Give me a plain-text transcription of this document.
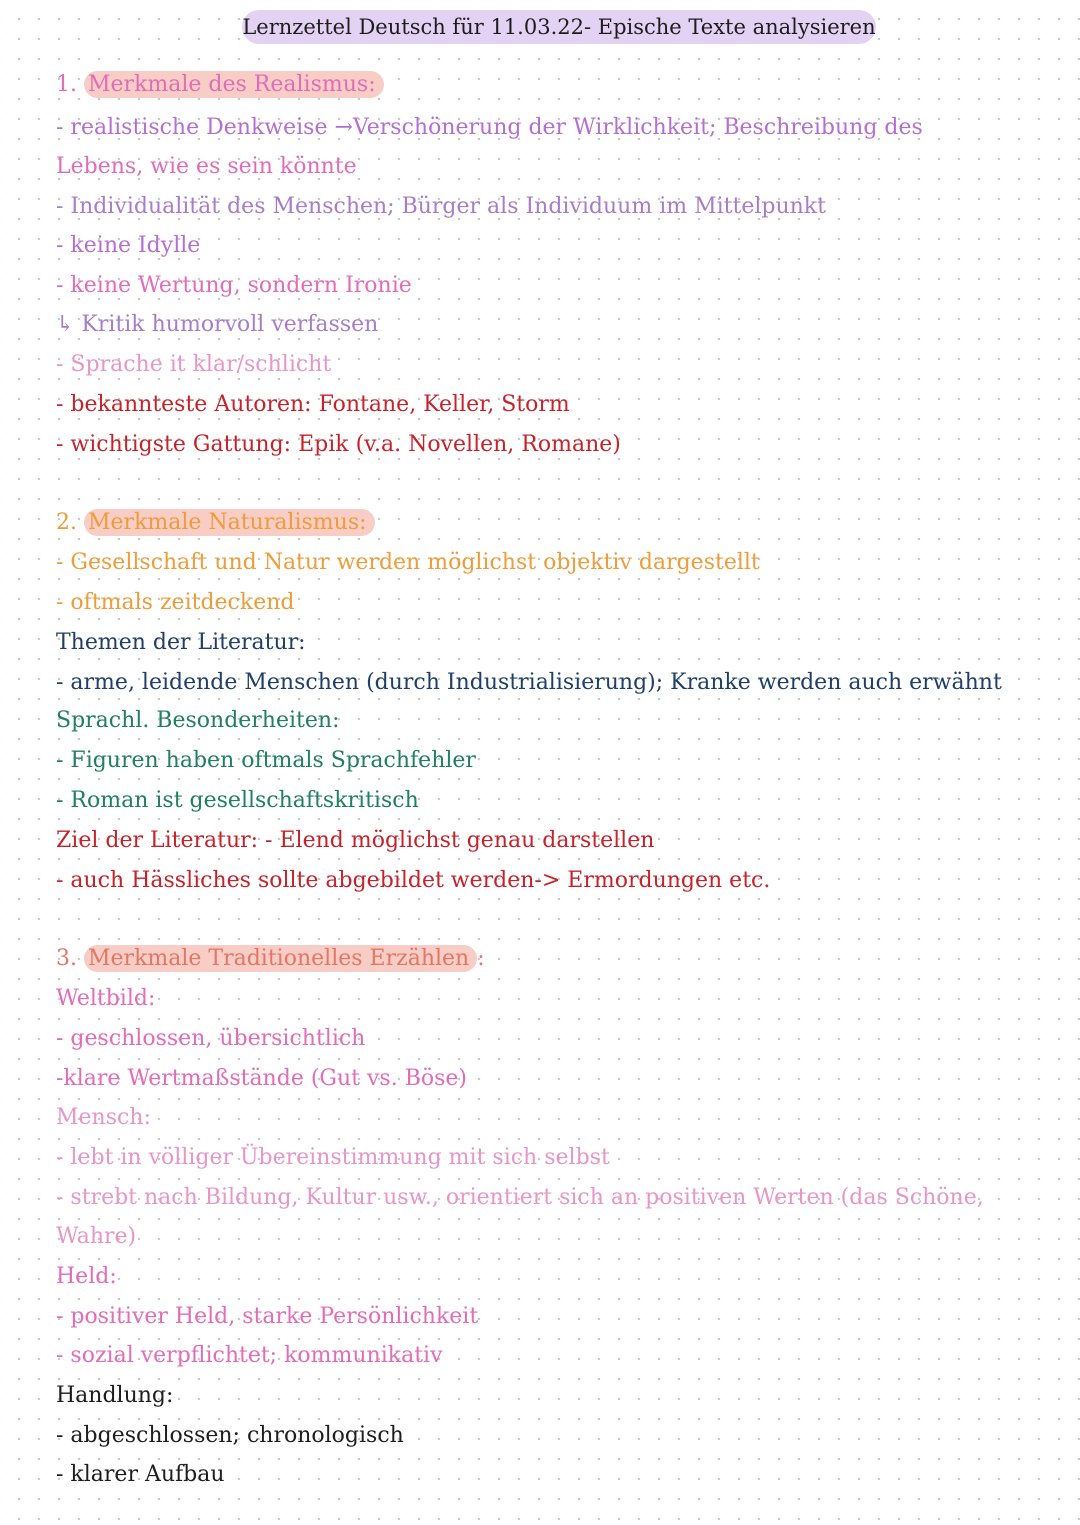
Lernzettel Deutsch für 11.03.22- Epische Texte analysieren
1. Merkmale des Realismus:
- realistische Denkweise →Verschönerung der Wirklichkeit; Beschreibung des
Lebens, wie es sein könnte
- Individualität des Menschen; Bürger als Individuum im Mittelpunkt
- keine Idylle
- keine Wertung, sondern Ironie
↳ Kritik humorvoll verfassen
- Sprache it klar/schlicht
- bekannteste Autoren: Fontane, Keller, Storm
- wichtigste Gattung: Epik (v.a. Novellen, Romane)
2. Merkmale Naturalismus:
- Gesellschaft und Natur werden möglichst objektiv dargestellt
- oftmals zeitdeckend
Themen der Literatur:
- arme, leidende Menschen (durch Industrialisierung); Kranke werden auch erwähnt
Sprachl. Besonderheiten:
- Figuren haben oftmals Sprachfehler
- Roman ist gesellschaftskritisch
Ziel der Literatur: - Elend möglichst genau darstellen
- auch Hässliches sollte abgebildet werden-> Ermordungen etc.
3. Merkmale Traditionelles Erzählen :
Weltbild:
- geschlossen, übersichtlich
-klare Wertmaßstände (Gut vs. Böse)
Mensch:
- lebt in völliger Übereinstimmung mit sich selbst
- strebt nach Bildung, Kultur usw., orientiert sich an positiven Werten (das Schöne,
Wahre)
Held:
- positiver Held, starke Persönlichkeit
- sozial verpflichtet; kommunikativ
Handlung:
- abgeschlossen; chronologisch
- klarer Aufbau
